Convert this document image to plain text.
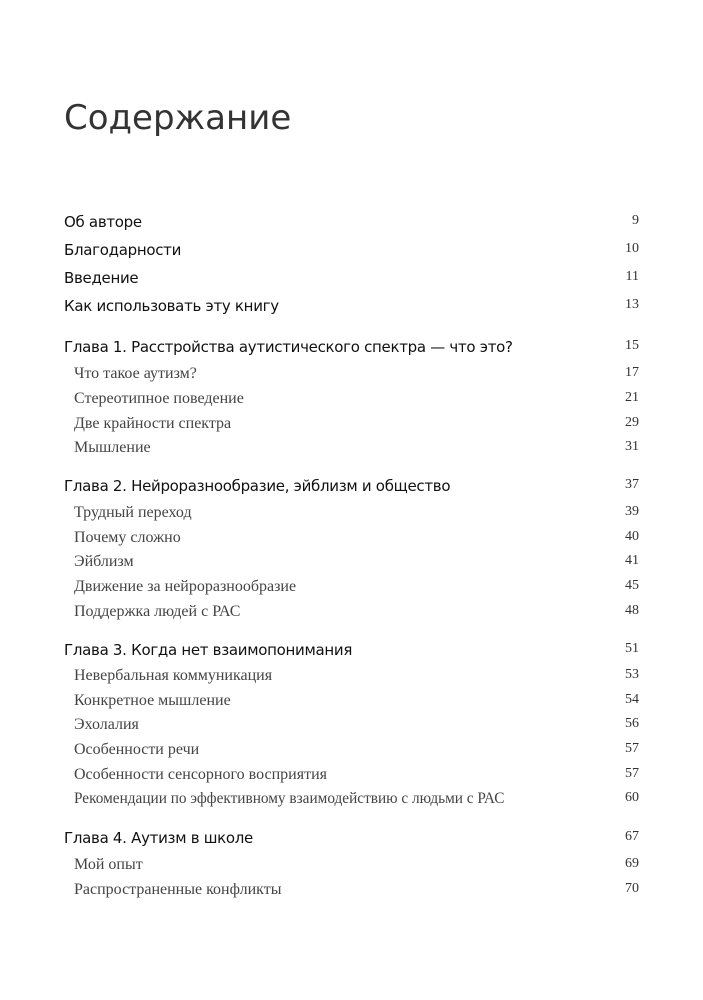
Содержание
Об авторе	9
Благодарности	10
Введение	11
Как использовать эту книгу	13
Глава 1. Расстройства аутистического спектра — что это?	15
Что такое аутизм?	17
Стереотипное поведение	21
Две крайности спектра	29
Мышление	31
Глава 2. Нейроразнообразие, эйблизм и общество	37
Трудный переход	39
Почему сложно	40
Эйблизм	41
Движение за нейроразнообразие	45
Поддержка людей с РАС	48
Глава 3. Когда нет взаимопонимания	51
Невербальная коммуникация	53
Конкретное мышление	54
Эхолалия	56
Особенности речи	57
Особенности сенсорного восприятия	57
Рекомендации по эффективному взаимодействию с людьми с РАС	60
Глава 4. Аутизм в школе	67
Мой опыт	69
Распространенные конфликты	70
